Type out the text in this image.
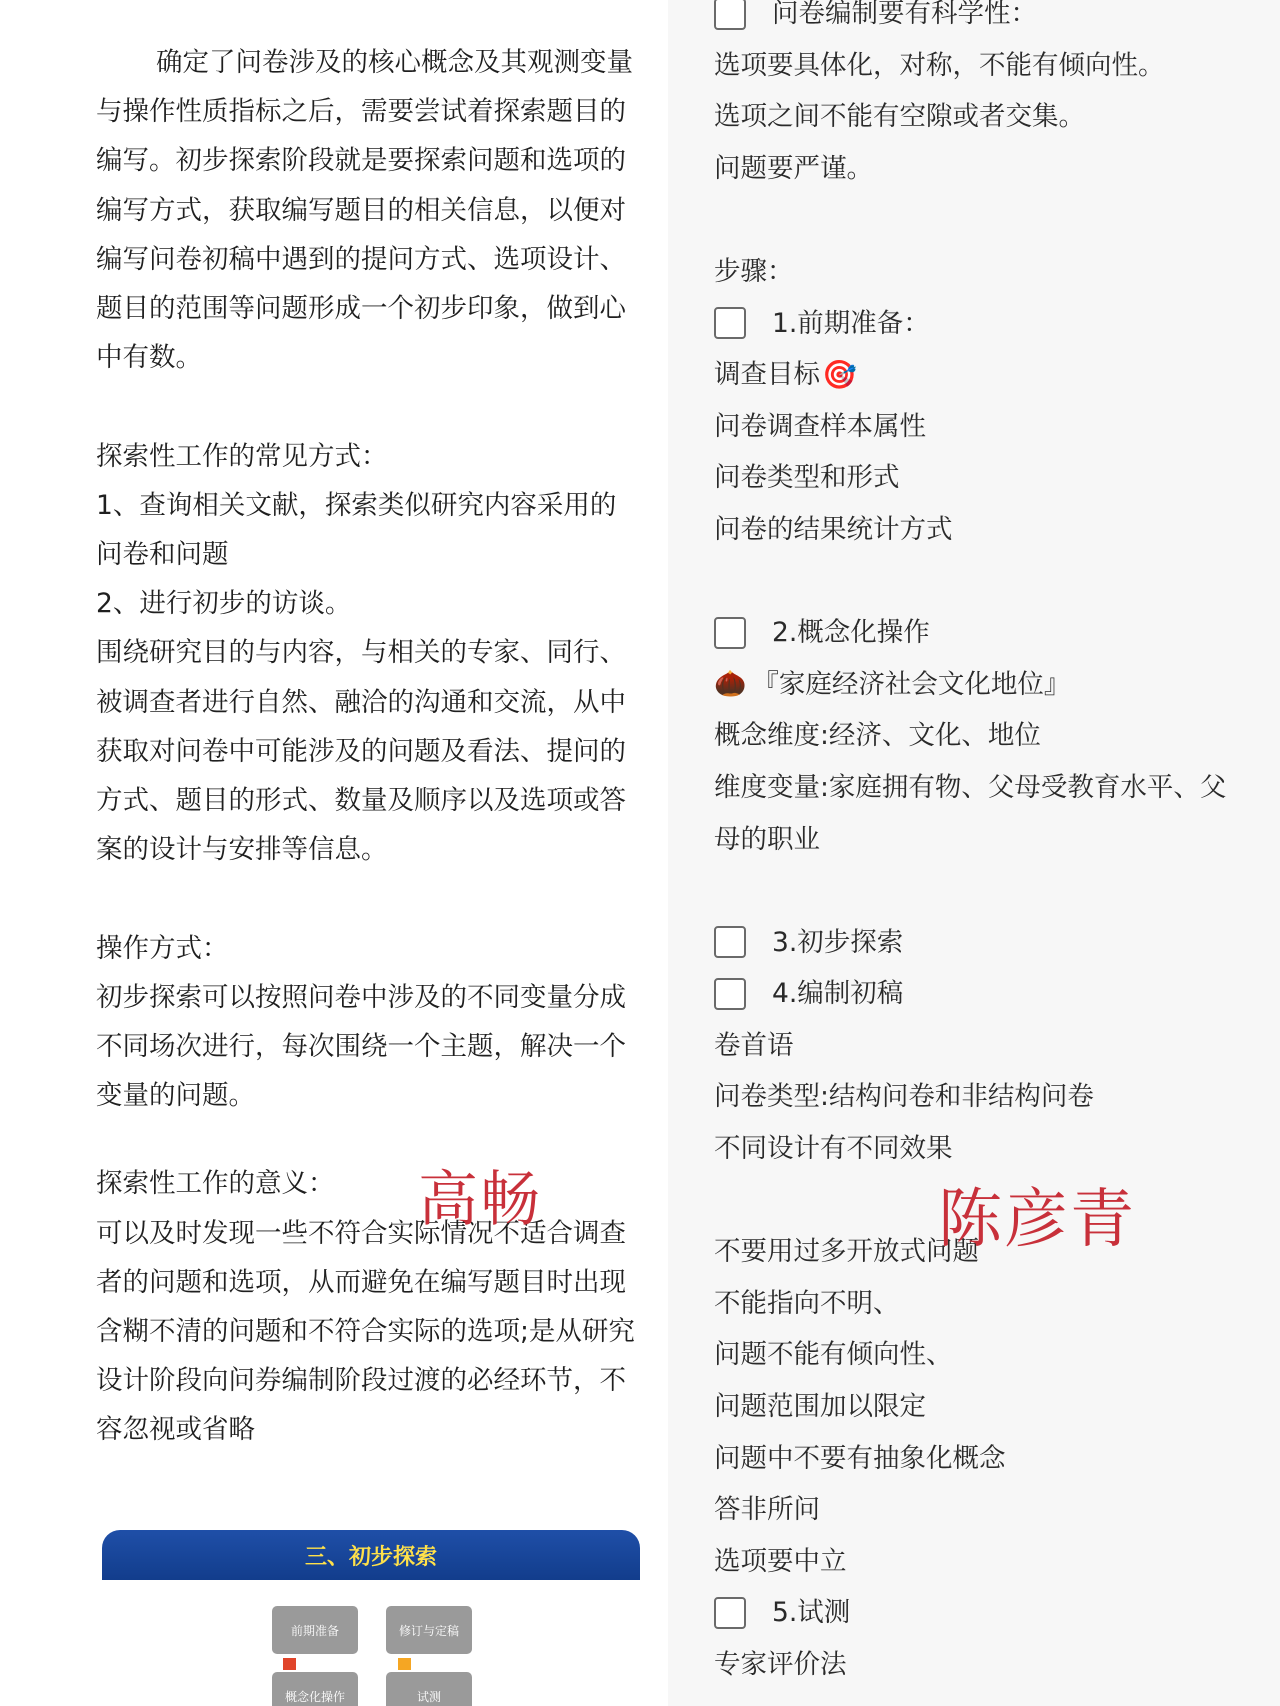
确定了问卷涉及的核心概念及其观测变量与操作性质指标之后，需要尝试着探索题目的编写。初步探索阶段就是要探索问题和选项的编写方式，获取编写题目的相关信息，以便对编写问卷初稿中遇到的提问方式、选项设计、题目的范围等问题形成一个初步印象，做到心中有数。

探索性工作的常见方式：

1、查询相关文献，探索类似研究内容采用的问卷和问题

2、进行初步的访谈。

围绕研究目的与内容，与相关的专家、同行、被调查者进行自然、融洽的沟通和交流，从中获取对问卷中可能涉及的问题及看法、提问的方式、题目的形式、数量及顺序以及选项或答案的设计与安排等信息。

操作方式：

初步探索可以按照问卷中涉及的不同变量分成不同场次进行，每次围绕一个主题，解决一个变量的问题。

探索性工作的意义：

可以及时发现一些不符合实际情况不适合调查者的问题和选项，从而避免在编写题目时出现含糊不清的问题和不符合实际的选项;是从研究设计阶段向问券编制阶段过渡的必经环节，不容忽视或省略

高畅
三、初步探索
前期准备	修订与定稿
概念化操作	试测
问卷编制要有科学性：
选项要具体化，对称，不能有倾向性。
选项之间不能有空隙或者交集。
问题要严谨。
步骤：
1.前期准备：
调查目标 🎯
问卷调查样本属性
问卷类型和形式
问卷的结果统计方式
2.概念化操作
🌰 『家庭经济社会文化地位』
概念维度:经济、文化、地位
维度变量:家庭拥有物、父母受教育水平、父
母的职业
3.初步探索
4.编制初稿
卷首语
问卷类型:结构问卷和非结构问卷
不同设计有不同效果
不要用过多开放式问题
不能指向不明、
问题不能有倾向性、
问题范围加以限定
问题中不要有抽象化概念
答非所问
选项要中立
5.试测
专家评价法
陈彦青
